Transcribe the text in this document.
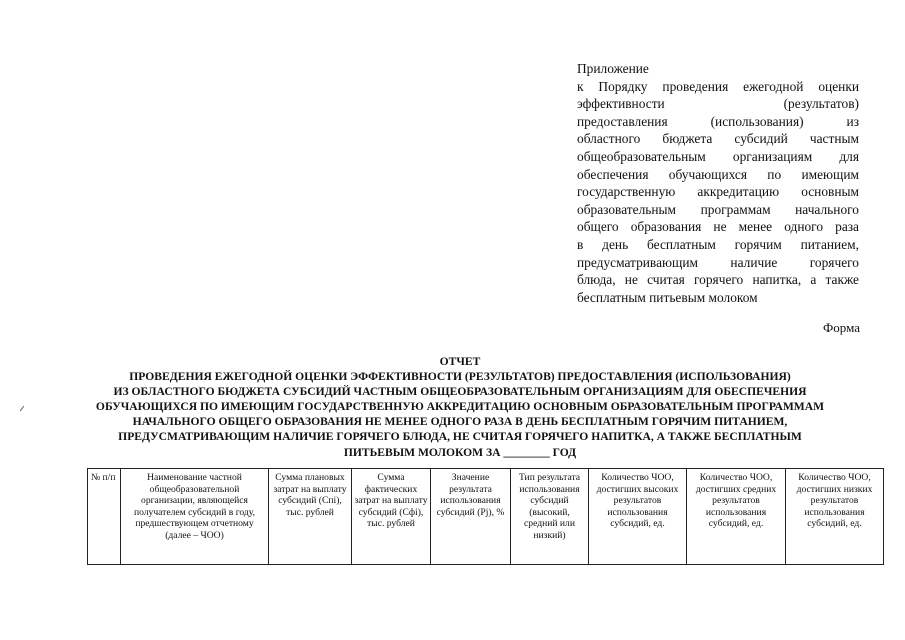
Приложение
к Порядку проведения ежегодной оценки
эффективности (результатов)
предоставления (использования) из
областного бюджета субсидий частным
общеобразовательным организациям для
обеспечения обучающихся по имеющим
государственную аккредитацию основным
образовательным программам начального
общего образования не менее одного раза
в день бесплатным горячим питанием,
предусматривающим наличие горячего
блюда, не считая горячего напитка, а также
бесплатным питьевым молоком
Форма
ОТЧЕТ
ПРОВЕДЕНИЯ ЕЖЕГОДНОЙ ОЦЕНКИ ЭФФЕКТИВНОСТИ (РЕЗУЛЬТАТОВ) ПРЕДОСТАВЛЕНИЯ (ИСПОЛЬЗОВАНИЯ)
ИЗ ОБЛАСТНОГО БЮДЖЕТА СУБСИДИЙ ЧАСТНЫМ ОБЩЕОБРАЗОВАТЕЛЬНЫМ ОРГАНИЗАЦИЯМ ДЛЯ ОБЕСПЕЧЕНИЯ
ОБУЧАЮЩИХСЯ ПО ИМЕЮЩИМ ГОСУДАРСТВЕННУЮ АККРЕДИТАЦИЮ ОСНОВНЫМ ОБРАЗОВАТЕЛЬНЫМ ПРОГРАММАМ
НАЧАЛЬНОГО ОБЩЕГО ОБРАЗОВАНИЯ НЕ МЕНЕЕ ОДНОГО РАЗА В ДЕНЬ БЕСПЛАТНЫМ ГОРЯЧИМ ПИТАНИЕМ,
ПРЕДУСМАТРИВАЮЩИМ НАЛИЧИЕ ГОРЯЧЕГО БЛЮДА, НЕ СЧИТАЯ ГОРЯЧЕГО НАПИТКА, А ТАКЖЕ БЕСПЛАТНЫМ
ПИТЬЕВЫМ МОЛОКОМ ЗА ________ ГОД
№ п/п	Наименование частной общеобразовательной организации, являющейся получателем субсидий в году, предшествующем отчетному (далее – ЧОО)	Сумма плановых затрат на выплату субсидий (Спi), тыс. рублей	Сумма фактических затрат на выплату субсидий (Сфi), тыс. рублей	Значение результата использования субсидий (Рj), %	Тип результата использования субсидий (высокий, средний или низкий)	Количество ЧОО, достигших высоких результатов использования субсидий, ед.	Количество ЧОО, достигших средних результатов использования субсидий, ед.	Количество ЧОО, достигших низких результатов использования субсидий, ед.
